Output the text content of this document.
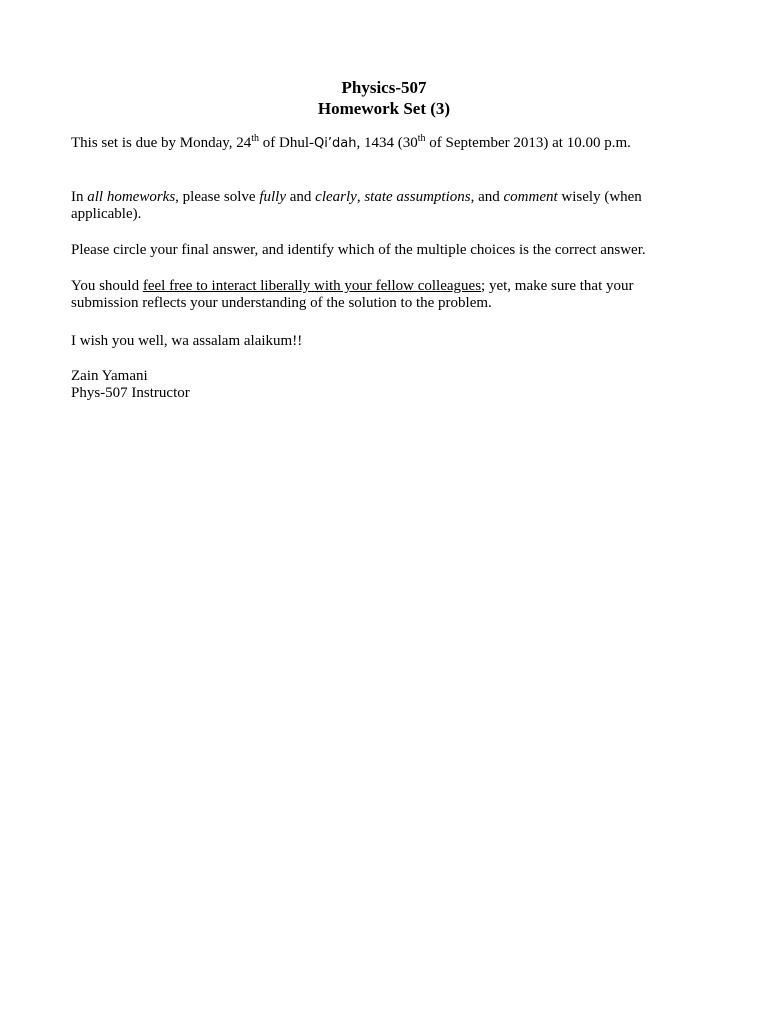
Physics-507
Homework Set (3)

This set is due by Monday, 24th of Dhul-Qi’dah, 1434 (30th of September 2013) at 10.00 p.m.

In all homeworks, please solve fully and clearly, state assumptions, and comment wisely (when applicable).

Please circle your final answer, and identify which of the multiple choices is the correct answer.

You should feel free to interact liberally with your fellow colleagues; yet, make sure that your submission reflects your understanding of the solution to the problem.

I wish you well, wa assalam alaikum!!

Zain Yamani
Phys-507 Instructor
